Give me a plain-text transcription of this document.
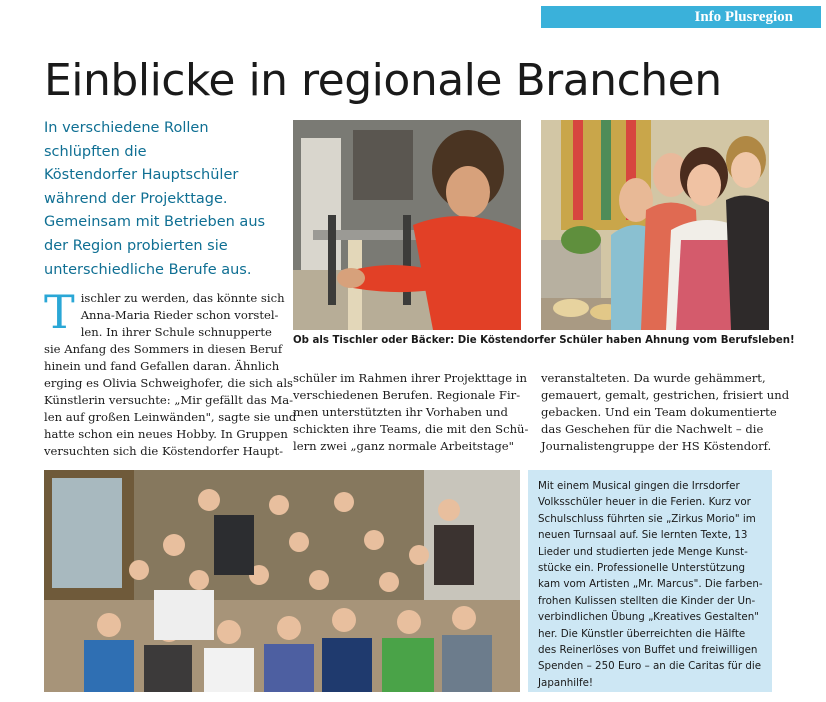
Info Plusregion
Einblicke in regionale Branchen
In verschiedene Rollen
schlüpften die
Köstendorfer Hauptschüler
während der Projekttage.
Gemeinsam mit Betrieben aus
der Region probierten sie
unterschiedliche Berufe aus.
Ob als Tischler oder Bäcker: Die Köstendorfer Schüler haben Ahnung vom Berufsleben!
Tischler zu werden, das könnte sich
Anna-Maria Rieder schon vorstel-
len. In ihrer Schule schnupperte
sie Anfang des Sommers in diesen Beruf
hinein und fand Gefallen daran. Ähnlich
erging es Olivia Schweighofer, die sich als
Künstlerin versuchte: „Mir gefällt das Ma-
len auf großen Leinwänden", sagte sie und
hatte schon ein neues Hobby. In Gruppen
versuchten sich die Köstendorfer Haupt-
schüler im Rahmen ihrer Projekttage in
verschiedenen Berufen. Regionale Fir-
men unterstützten ihr Vorhaben und
schickten ihre Teams, die mit den Schü-
lern zwei „ganz normale Arbeitstage"
veranstalteten. Da wurde gehämmert,
gemauert, gemalt, gestrichen, frisiert und
gebacken. Und ein Team dokumentierte
das Geschehen für die Nachwelt – die
Journalistengruppe der HS Köstendorf.
Mit einem Musical gingen die Irrsdorfer
Volksschüler heuer in die Ferien. Kurz vor
Schulschluss führten sie „Zirkus Morio" im
neuen Turnsaal auf. Sie lernten Texte, 13
Lieder und studierten jede Menge Kunst-
stücke ein. Professionelle Unterstützung
kam vom Artisten „Mr. Marcus". Die farben-
frohen Kulissen stellten die Kinder der Un-
verbindlichen Übung „Kreatives Gestalten"
her. Die Künstler überreichten die Hälfte
des Reinerlöses von Buffet und freiwilligen
Spenden – 250 Euro – an die Caritas für die
Japanhilfe!
